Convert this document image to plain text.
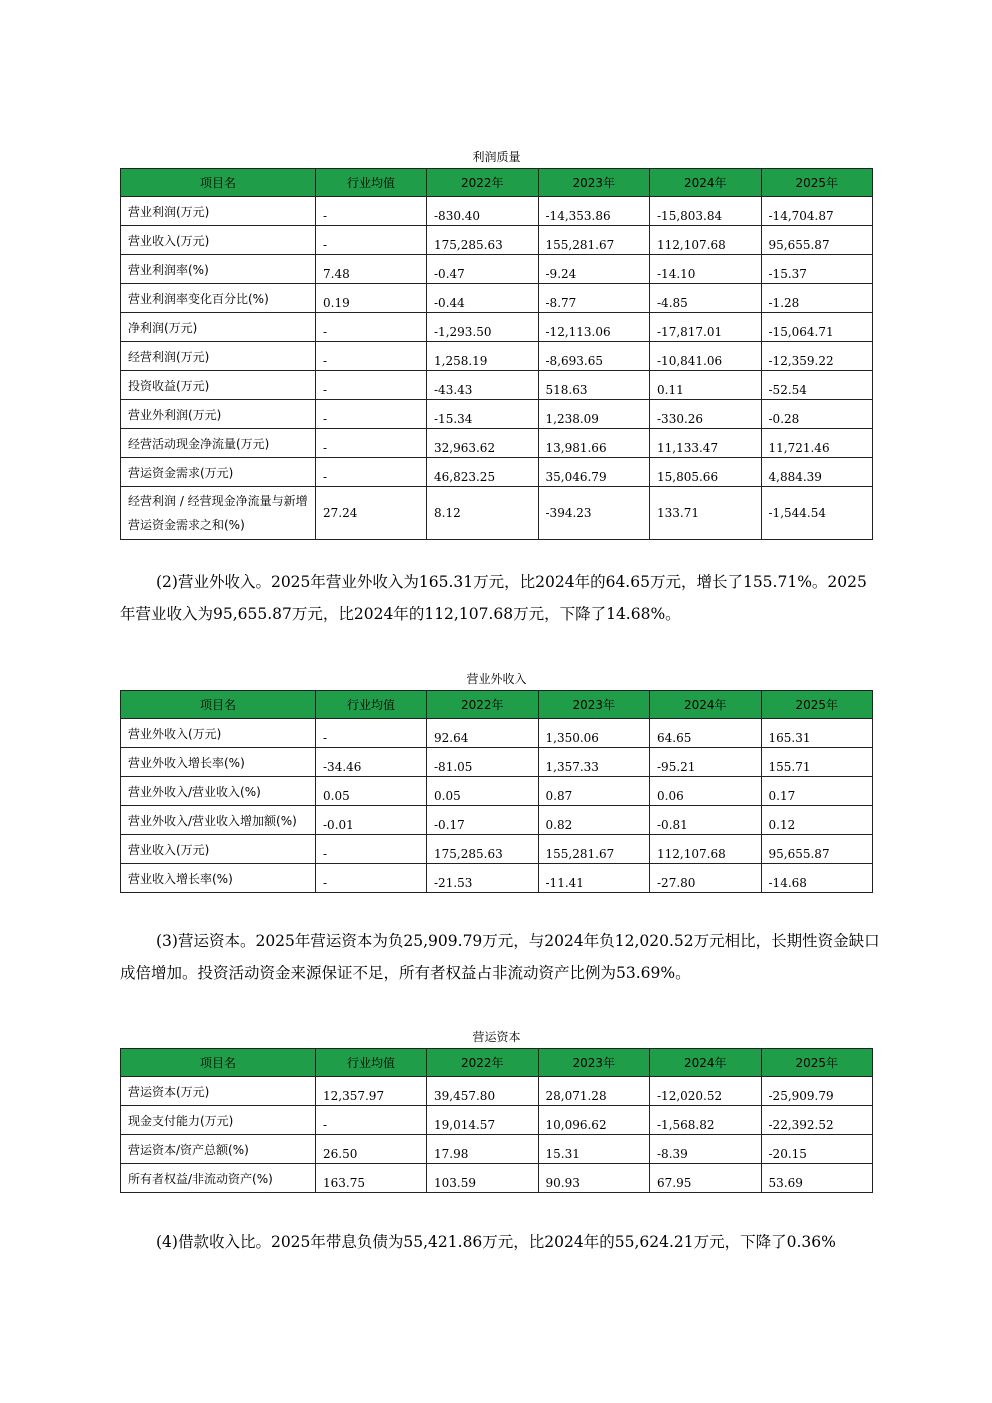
利润质量
项目名	行业均值	2022年	2023年	2024年	2025年
营业利润(万元)	-	-830.40	-14,353.86	-15,803.84	-14,704.87
营业收入(万元)	-	175,285.63	155,281.67	112,107.68	95,655.87
营业利润率(%)	7.48	-0.47	-9.24	-14.10	-15.37
营业利润率变化百分比(%)	0.19	-0.44	-8.77	-4.85	-1.28
净利润(万元)	-	-1,293.50	-12,113.06	-17,817.01	-15,064.71
经营利润(万元)	-	1,258.19	-8,693.65	-10,841.06	-12,359.22
投资收益(万元)	-	-43.43	518.63	0.11	-52.54
营业外利润(万元)	-	-15.34	1,238.09	-330.26	-0.28
经营活动现金净流量(万元)	-	32,963.62	13,981.66	11,133.47	11,721.46
营运资金需求(万元)	-	46,823.25	35,046.79	15,805.66	4,884.39
经营利润 / 经营现金净流量与新增营运资金需求之和(%)	27.24	8.12	-394.23	133.71	-1,544.54
(2)营业外收入。2025年营业外收入为165.31万元，比2024年的64.65万元，增长了155.71%。2025年营业收入为95,655.87万元，比2024年的112,107.68万元，下降了14.68%。
营业外收入
项目名	行业均值	2022年	2023年	2024年	2025年
营业外收入(万元)	-	92.64	1,350.06	64.65	165.31
营业外收入增长率(%)	-34.46	-81.05	1,357.33	-95.21	155.71
营业外收入/营业收入(%)	0.05	0.05	0.87	0.06	0.17
营业外收入/营业收入增加额(%)	-0.01	-0.17	0.82	-0.81	0.12
营业收入(万元)	-	175,285.63	155,281.67	112,107.68	95,655.87
营业收入增长率(%)	-	-21.53	-11.41	-27.80	-14.68
(3)营运资本。2025年营运资本为负25,909.79万元，与2024年负12,020.52万元相比，长期性资金缺口成倍增加。投资活动资金来源保证不足，所有者权益占非流动资产比例为53.69%。
营运资本
项目名	行业均值	2022年	2023年	2024年	2025年
营运资本(万元)	12,357.97	39,457.80	28,071.28	-12,020.52	-25,909.79
现金支付能力(万元)	-	19,014.57	10,096.62	-1,568.82	-22,392.52
营运资本/资产总额(%)	26.50	17.98	15.31	-8.39	-20.15
所有者权益/非流动资产(%)	163.75	103.59	90.93	67.95	53.69
(4)借款收入比。2025年带息负债为55,421.86万元，比2024年的55,624.21万元，下降了0.36%
